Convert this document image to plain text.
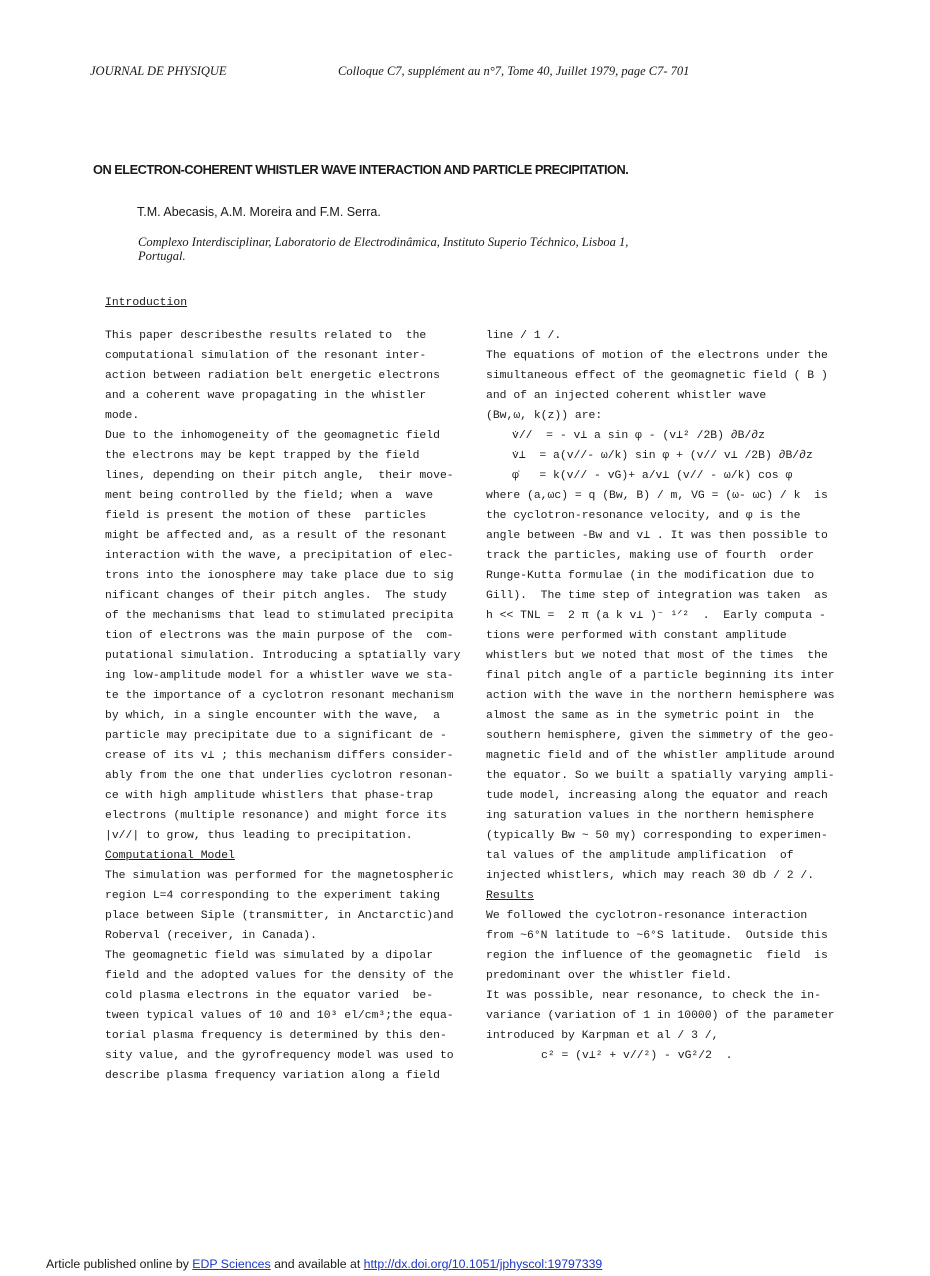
JOURNAL DE PHYSIQUE	Colloque C7, supplément au n°7, Tome 40, Juillet 1979, page C7- 701
ON ELECTRON-COHERENT WHISTLER WAVE INTERACTION AND PARTICLE PRECIPITATION.
T.M. Abecasis, A.M. Moreira and F.M. Serra.
Complexo Interdisciplinar, Laboratorio de Electrodinâmica, Instituto Superio Téchnico, Lisboa 1,
Portugal.
Introduction
This paper describesthe results related to  the
computational simulation of the resonant inter-
action between radiation belt energetic electrons
and a coherent wave propagating in the whistler
mode.
Due to the inhomogeneity of the geomagnetic field
the electrons may be kept trapped by the field
lines, depending on their pitch angle,  their move-
ment being controlled by the field; when a  wave
field is present the motion of these  particles
might be affected and, as a result of the resonant
interaction with the wave, a precipitation of elec-
trons into the ionosphere may take place due to sig
nificant changes of their pitch angles.  The study
of the mechanisms that lead to stimulated precipita
tion of electrons was the main purpose of the  com-
putational simulation. Introducing a sptatially vary
ing low-amplitude model for a whistler wave we sta-
te the importance of a cyclotron resonant mechanism
by which, in a single encounter with the wave,  a
particle may precipitate due to a significant de -
crease of its v⊥ ; this mechanism differs consider-
ably from the one that underlies cyclotron resonan-
ce with high amplitude whistlers that phase-trap
electrons (multiple resonance) and might force its
|v//| to grow, thus leading to precipitation.
Computational Model
The simulation was performed for the magnetospheric
region L=4 corresponding to the experiment taking
place between Siple (transmitter, in Anctarctic)and
Roberval (receiver, in Canada).
The geomagnetic field was simulated by a dipolar
field and the adopted values for the density of the
cold plasma electrons in the equator varied  be-
tween typical values of 10 and 10³ el/cm³;the equa-
torial plasma frequency is determined by this den-
sity value, and the gyrofrequency model was used to
describe plasma frequency variation along a field
line / 1 /.
The equations of motion of the electrons under the
simultaneous effect of the geomagnetic field ( B )
and of an injected coherent whistler wave
(Bw,ω, k(z)) are:
v̇//  = - v⊥ a sin φ - (v⊥² /2B) ∂B/∂z
v̇⊥  = a(v//- ω/k) sin φ + (v// v⊥ /2B) ∂B/∂z
φ̇   = k(v// - vG)+ a/v⊥ (v// - ω/k) cos φ
where (a,ωc) = q (Bw, B) / m, VG = (ω- ωc) / k  is
the cyclotron-resonance velocity, and φ is the
angle between -Bw and v⊥ . It was then possible to
track the particles, making use of fourth  order
Runge-Kutta formulae (in the modification due to
Gill).  The time step of integration was taken  as
h << TNL =  2 π (a k v⊥ )⁻ ¹ᐟ²  .  Early computa -
tions were performed with constant amplitude
whistlers but we noted that most of the times  the
final pitch angle of a particle beginning its inter
action with the wave in the northern hemisphere was
almost the same as in the symetric point in  the
southern hemisphere, given the simmetry of the geo-
magnetic field and of the whistler amplitude around
the equator. So we built a spatially varying ampli-
tude model, increasing along the equator and reach
ing saturation values in the northern hemisphere
(typically Bw ~ 50 mγ) corresponding to experimen-
tal values of the amplitude amplification  of
injected whistlers, which may reach 30 db / 2 /.
Results
We followed the cyclotron-resonance interaction
from ~6°N latitude to ~6°S latitude.  Outside this
region the influence of the geomagnetic  field  is
predominant over the whistler field.
It was possible, near resonance, to check the in-
variance (variation of 1 in 10000) of the parameter
introduced by Karpman et al / 3 /,
c² = (v⊥² + v//²) - vG²/2  .
Article published online by EDP Sciences and available at http://dx.doi.org/10.1051/jphyscol:19797339
